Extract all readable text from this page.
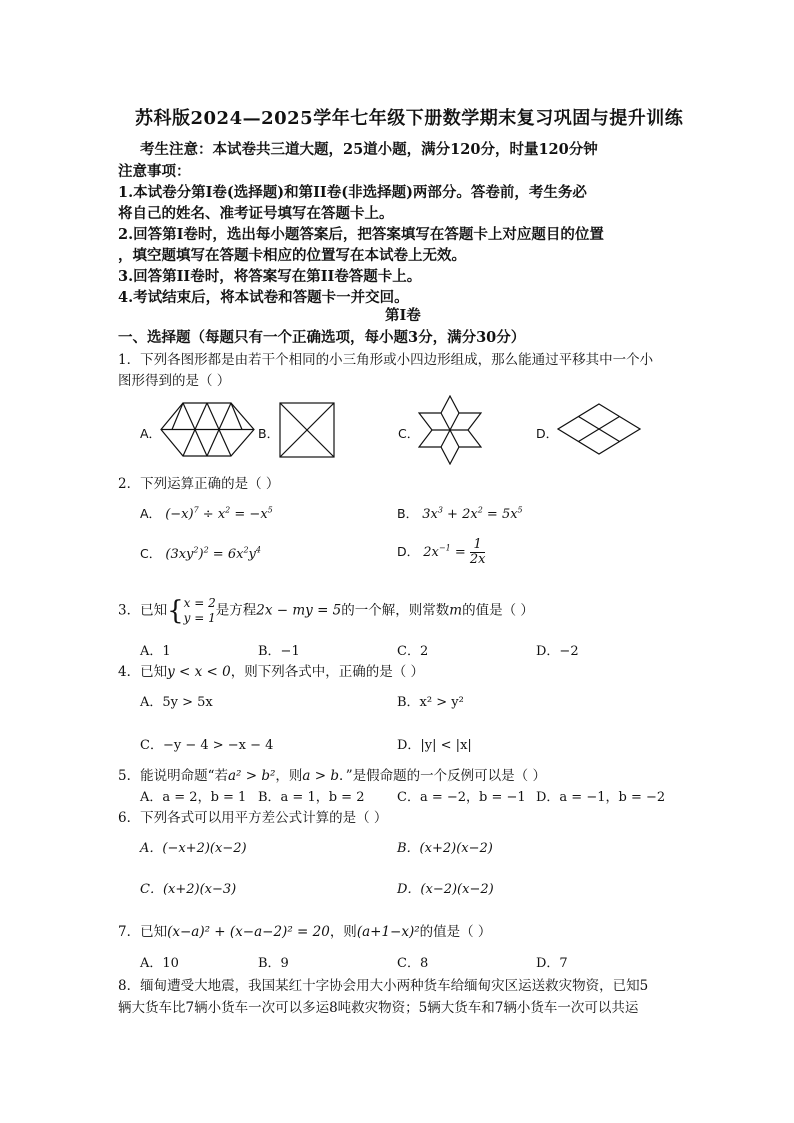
苏科版2024—2025学年七年级下册数学期末复习巩固与提升训练
考生注意：本试卷共三道大题，25道小题，满分120分，时量120分钟
注意事项：
1.本试卷分第Ⅰ卷(选择题)和第II卷(非选择题)两部分。答卷前，考生务必
将自己的姓名、准考证号填写在答题卡上。
2.回答第Ⅰ卷时，选出每小题答案后，把答案填写在答题卡上对应题目的位置
，填空题填写在答题卡相应的位置写在本试卷上无效。
3.回答第II卷时，将答案写在第II卷答题卡上。
4.考试结束后，将本试卷和答题卡一并交回。
第Ⅰ卷
一、选择题（每题只有一个正确选项，每小题3分，满分30分）
1．下列各图形都是由若干个相同的小三角形或小四边形组成，那么能通过平移其中一个小
图形得到的是（ ）
A．	B．	C．	D．
2．下列运算正确的是（ ）
A． $(-x)^7 \div x^2 = -x^5$	B． $3x^3 + 2x^2 = 5x^5$
C． $(3xy^2)^2 = 6x^2y^4$	D． $2x^{-1} = \frac{1}{2x}$
3．已知{ x = 2
y = 1 是方程2x − my = 5的一个解，则常数m的值是（ ）
A．1	B．−1	C．2	D．−2
4．已知y < x < 0，则下列各式中，正确的是（ ）
A．5y > 5x	B．x² > y²
C．−y − 4 > −x − 4	D．|y| < |x|
5．能说明命题“若a² > b²，则a > b．”是假命题的一个反例可以是（ ）
A．a = 2，b = 1 B．a = 1，b = 2	C．a = −2，b = −1 D．a = −1，b = −2
6．下列各式可以用平方差公式计算的是（ ）
A．(−x+2)(x−2)	B．(x+2)(x−2)
C．(x+2)(x−3)	D．(x−2)(x−2)
7．已知(x−a)² + (x−a−2)² = 20，则(a+1−x)²的值是（ ）
A．10	B．9	C．8	D．7
8．缅甸遭受大地震，我国某红十字协会用大小两种货车给缅甸灾区运送救灾物资，已知5
辆大货车比7辆小货车一次可以多运8吨救灾物资；5辆大货车和7辆小货车一次可以共运
